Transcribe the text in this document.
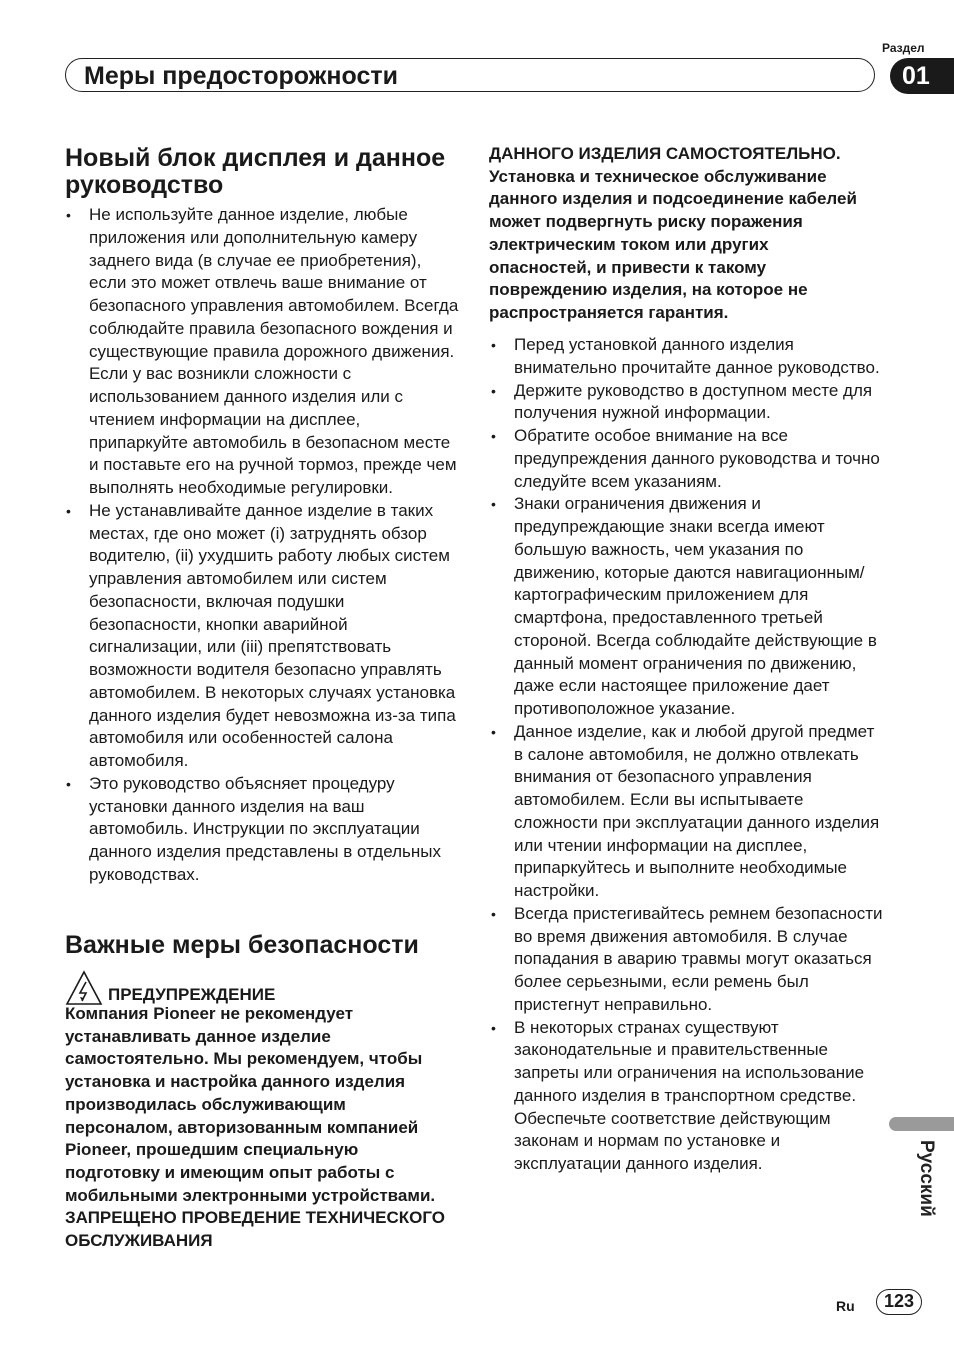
Меры предосторожности
Раздел
01
Новый блок дисплея и данное руководство
• Не используйте данное изделие, любые приложения или дополнительную камеру заднего вида (в случае ее приобретения), если это может отвлечь ваше внимание от безопасного управления автомобилем. Всегда соблюдайте правила безопасного вождения и существующие правила дорожного движения. Если у вас возникли сложности с использованием данного изделия или с чтением информации на дисплее, припаркуйте автомобиль в безопасном месте и поставьте его на ручной тормоз, прежде чем выполнять необходимые регулировки.
• Не устанавливайте данное изделие в таких местах, где оно может (i) затруднять обзор водителю, (ii) ухудшить работу любых систем управления автомобилем или систем безопасности, включая подушки безопасности, кнопки аварийной сигнализации, или (iii) препятствовать возможности водителя безопасно управлять автомобилем. В некоторых случаях установка данного изделия будет невозможна из-за типа автомобиля или особенностей салона автомобиля.
• Это руководство объясняет процедуру установки данного изделия на ваш автомобиль. Инструкции по эксплуатации данного изделия представлены в отдельных руководствах.
Важные меры безопасности
ПРЕДУПРЕЖДЕНИЕ
Компания Pioneer не рекомендует устанавливать данное изделие самостоятельно. Мы рекомендуем, чтобы установка и настройка данного изделия производилась обслуживающим персоналом, авторизованным компанией Pioneer, прошедшим специальную подготовку и имеющим опыт работы с мобильными электронными устройствами. ЗАПРЕЩЕНО ПРОВЕДЕНИЕ ТЕХНИЧЕСКОГО ОБСЛУЖИВАНИЯ
ДАННОГО ИЗДЕЛИЯ САМОСТОЯТЕЛЬНО. Установка и техническое обслуживание данного изделия и подсоединение кабелей может подвергнуть риску поражения электрическим током или других опасностей, и привести к такому повреждению изделия, на которое не распространяется гарантия.
• Перед установкой данного изделия внимательно прочитайте данное руководство.
• Держите руководство в доступном месте для получения нужной информации.
• Обратите особое внимание на все предупреждения данного руководства и точно следуйте всем указаниям.
• Знаки ограничения движения и предупреждающие знаки всегда имеют большую важность, чем указания по движению, которые даются навигационным/картографическим приложением для смартфона, предоставленного третьей стороной. Всегда соблюдайте действующие в данный момент ограничения по движению, даже если настоящее приложение дает противоположное указание.
• Данное изделие, как и любой другой предмет в салоне автомобиля, не должно отвлекать внимания от безопасного управления автомобилем. Если вы испытываете сложности при эксплуатации данного изделия или чтении информации на дисплее, припаркуйтесь и выполните необходимые настройки.
• Всегда пристегивайтесь ремнем безопасности во время движения автомобиля. В случае попадания в аварию травмы могут оказаться более серьезными, если ремень был пристегнут неправильно.
• В некоторых странах существуют законодательные и правительственные запреты или ограничения на использование данного изделия в транспортном средстве. Обеспечьте соответствие действующим законам и нормам по установке и эксплуатации данного изделия.	Русский
Ru	123
